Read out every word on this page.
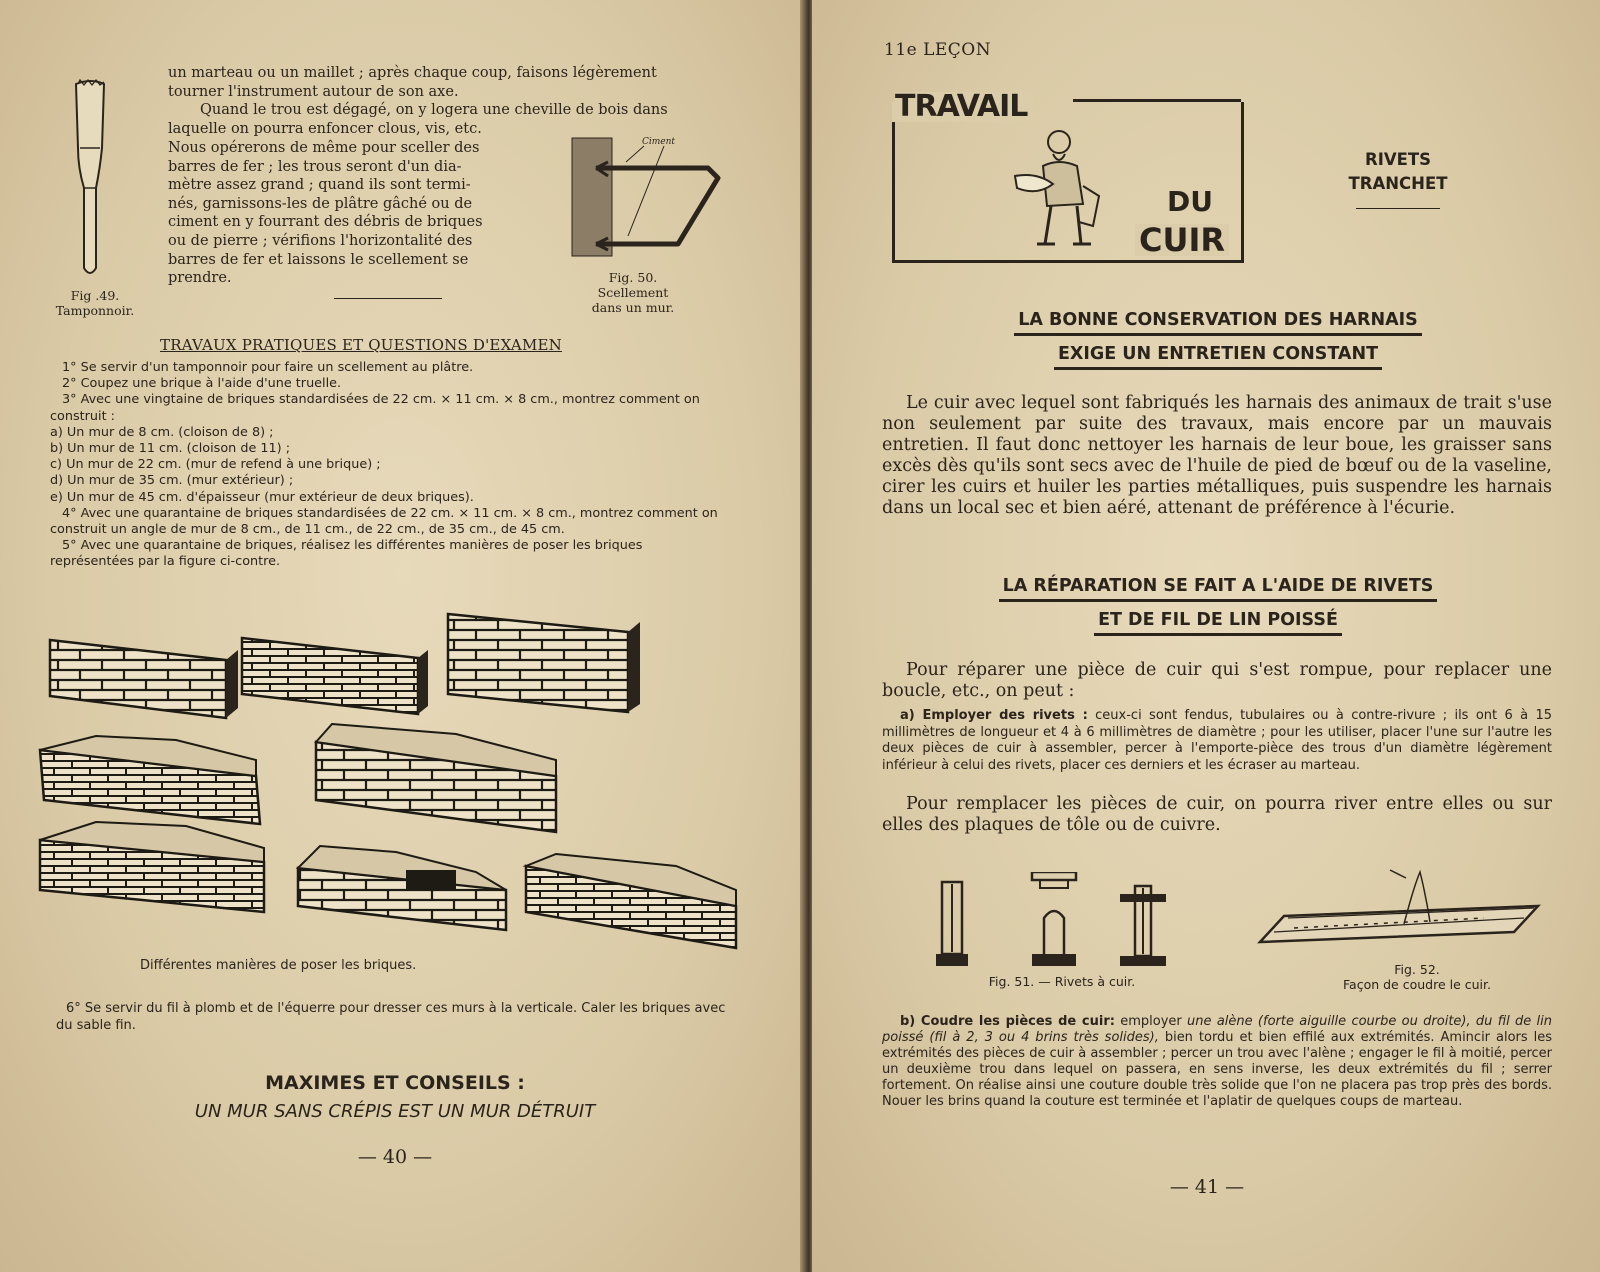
Fig .49.
Tamponnoir.
un marteau ou un maillet ; après chaque coup, faisons légèrement
tourner l'instrument autour de son axe.
Quand le trou est dégagé, on y logera une cheville de bois dans
laquelle on pourra enfoncer clous, vis, etc.
Nous opérerons de même pour sceller des
barres de fer ; les trous seront d'un dia-
mètre assez grand ; quand ils sont termi-
nés, garnissons-les de plâtre gâché ou de
ciment en y fourrant des débris de briques
ou de pierre ; vérifions l'horizontalité des
barres de fer et laissons le scellement se
prendre.
Ciment
Fig. 50.
Scellement
dans un mur.
TRAVAUX PRATIQUES ET QUESTIONS D'EXAMEN

1° Se servir d'un tamponnoir pour faire un scellement au plâtre.

2° Coupez une brique à l'aide d'une truelle.

3° Avec une vingtaine de briques standardisées de 22 cm. × 11 cm. × 8 cm., montrez comment on construit :

a) Un mur de 8 cm. (cloison de 8) ;

b) Un mur de 11 cm. (cloison de 11) ;

c) Un mur de 22 cm. (mur de refend à une brique) ;

d) Un mur de 35 cm. (mur extérieur) ;

e) Un mur de 45 cm. d'épaisseur (mur extérieur de deux briques).

4° Avec une quarantaine de briques standardisées de 22 cm. × 11 cm. × 8 cm., montrez comment on construit un angle de mur de 8 cm., de 11 cm., de 22 cm., de 35 cm., de 45 cm.

5° Avec une quarantaine de briques, réalisez les différentes manières de poser les briques représentées par la figure ci-contre.

Différentes manières de poser les briques.
6° Se servir du fil à plomb et de l'équerre pour dresser ces murs à la verticale. Caler les briques avec du sable fin.
MAXIMES ET CONSEILS :
UN MUR SANS CRÉPIS EST UN MUR DÉTRUIT
— 40 —
11e LEÇON
TRAVAIL
DU
CUIR
RIVETS
TRANCHET
LA BONNE CONSERVATION DES HARNAIS
EXIGE UN ENTRETIEN CONSTANT
Le cuir avec lequel sont fabriqués les harnais des animaux de trait s'use non seulement par suite des travaux, mais encore par un mauvais entretien. Il faut donc nettoyer les harnais de leur boue, les graisser sans excès dès qu'ils sont secs avec de l'huile de pied de bœuf ou de la vaseline, cirer les cuirs et huiler les parties métalliques, puis suspendre les harnais dans un local sec et bien aéré, attenant de préférence à l'écurie.
LA RÉPARATION SE FAIT A L'AIDE DE RIVETS
ET DE FIL DE LIN POISSÉ
Pour réparer une pièce de cuir qui s'est rompue, pour replacer une boucle, etc., on peut :
a) Employer des rivets : ceux-ci sont fendus, tubulaires ou à contre-rivure ; ils ont 6 à 15 millimètres de longueur et 4 à 6 millimètres de diamètre ; pour les utiliser, placer l'une sur l'autre les deux pièces de cuir à assembler, percer à l'emporte-pièce des trous d'un diamètre légèrement inférieur à celui des rivets, placer ces derniers et les écraser au marteau.
Pour remplacer les pièces de cuir, on pourra river entre elles ou sur elles des plaques de tôle ou de cuivre.
Fig. 51. — Rivets à cuir.
Fig. 52.
Façon de coudre le cuir.
b) Coudre les pièces de cuir: employer une alène (forte aiguille courbe ou droite), du fil de lin poissé (fil à 2, 3 ou 4 brins très solides), bien tordu et bien effilé aux extrémités. Amincir alors les extrémités des pièces de cuir à assembler ; percer un trou avec l'alène ; engager le fil à moitié, percer un deuxième trou dans lequel on passera, en sens inverse, les deux extrémités du fil ; serrer fortement. On réalise ainsi une couture double très solide que l'on ne placera pas trop près des bords. Nouer les brins quand la couture est terminée et l'aplatir de quelques coups de marteau.
— 41 —
